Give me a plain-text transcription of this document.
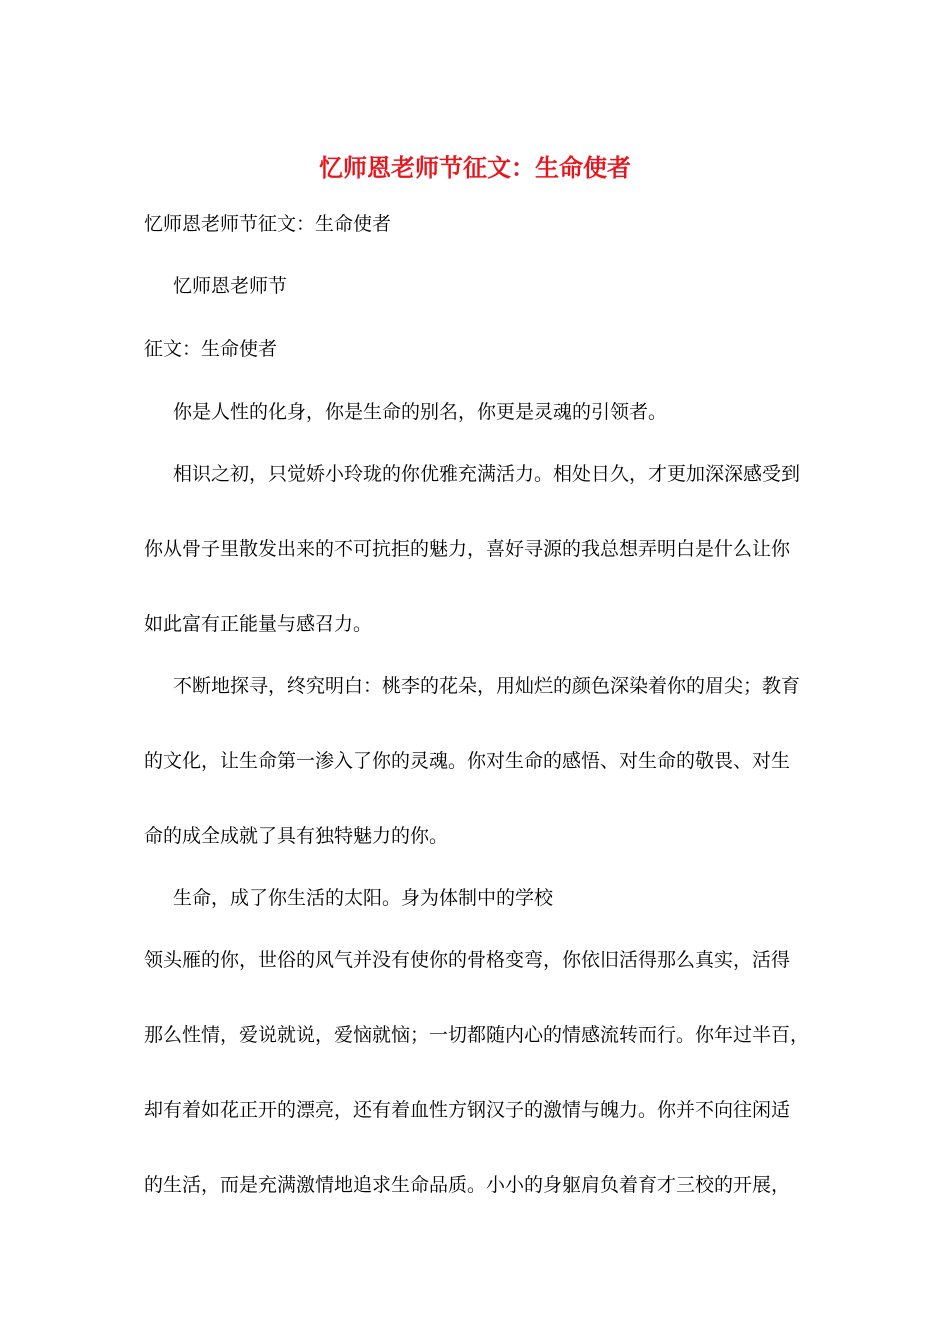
忆师恩老师节征文：生命使者
忆师恩老师节征文：生命使者
忆师恩老师节
征文：生命使者
你是人性的化身，你是生命的别名，你更是灵魂的引领者。
相识之初，只觉娇小玲珑的你优雅充满活力。相处日久，才更加深深感受到
你从骨子里散发出来的不可抗拒的魅力，喜好寻源的我总想弄明白是什么让你
如此富有正能量与感召力。
不断地探寻，终究明白：桃李的花朵，用灿烂的颜色深染着你的眉尖；教育
的文化，让生命第一渗入了你的灵魂。你对生命的感悟、对生命的敬畏、对生
命的成全成就了具有独特魅力的你。
生命，成了你生活的太阳。身为体制中的学校
领头雁的你，世俗的风气并没有使你的骨格变弯，你依旧活得那么真实，活得
那么性情，爱说就说，爱恼就恼；一切都随内心的情感流转而行。你年过半百，
却有着如花正开的漂亮，还有着血性方钢汉子的激情与魄力。你并不向往闲适
的生活，而是充满激情地追求生命品质。小小的身躯肩负着育才三校的开展，
